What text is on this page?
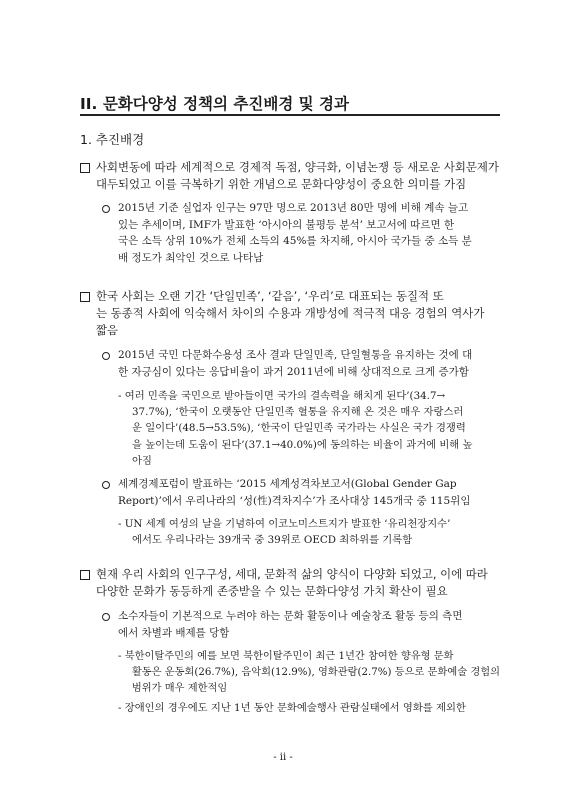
II. 문화다양성 정책의 추진배경 및 경과
1. 추진배경
사회변동에 따라 세계적으로 경제적 독점, 양극화, 이념논쟁 등 새로운 사회문제가
대두되었고 이를 극복하기 위한 개념으로 문화다양성이 중요한 의미를 가짐
2015년 기준 실업자 인구는 97만 명으로 2013년 80만 명에 비해 계속 늘고
있는 추세이며, IMF가 발표한 ‘아시아의 불평등 분석’ 보고서에 따르면 한
국은 소득 상위 10%가 전체 소득의 45%를 차지해, 아시아 국가들 중 소득 분
배 정도가 최악인 것으로 나타남
한국 사회는 오랜 기간 ‘단일민족’, ‘같음’, ‘우리’로 대표되는 동질적 또
는 동종적 사회에 익숙해서 차이의 수용과 개방성에 적극적 대응 경험의 역사가
짧음
2015년 국민 다문화수용성 조사 결과 단일민족, 단일혈통을 유지하는 것에 대
한 자긍심이 있다는 응답비율이 과거 2011년에 비해 상대적으로 크게 증가함
- 여러 민족을 국민으로 받아들이면 국가의 결속력을 해치게 된다’(34.7→
37.7%), ‘한국이 오랫동안 단일민족 혈통을 유지해 온 것은 매우 자랑스러
운 일이다’(48.5→53.5%), ‘한국이 단일민족 국가라는 사실은 국가 경쟁력
을 높이는데 도움이 된다’(37.1→40.0%)에 동의하는 비율이 과거에 비해 높
아짐
세계경제포럼이 발표하는 ‘2015 세계성격차보고서(Global Gender Gap
Report)’에서 우리나라의 ‘성(性)격차지수’가 조사대상 145개국 중 115위임
- UN 세계 여성의 날을 기념하여 이코노미스트지가 발표한 ‘유리천장지수’
에서도 우리나라는 39개국 중 39위로 OECD 최하위를 기록함
현재 우리 사회의 인구구성, 세대, 문화적 삶의 양식이 다양화 되었고, 이에 따라
다양한 문화가 동등하게 존중받을 수 있는 문화다양성 가치 확산이 필요
소수자들이 기본적으로 누려야 하는 문화 활동이나 예술창조 활동 등의 측면
에서 차별과 배제를 당함
- 북한이탈주민의 예를 보면 북한이탈주민이 최근 1년간 참여한 향유형 문화
활동은 운동회(26.7%), 음악회(12.9%), 영화관람(2.7%) 등으로 문화예술 경험의
범위가 매우 제한적임
- 장애인의 경우에도 지난 1년 동안 문화예술행사 관람실태에서 영화를 제외한
- ii -
